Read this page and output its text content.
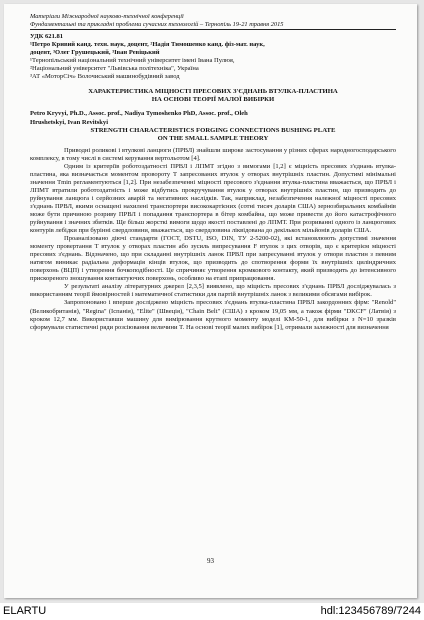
Матеріали Міжнародної науково-технічної конференції
Фундаментальні та прикладні проблеми сучасних технологій – Тернопіль 19-21 травня 2015
УДК 621.81
¹Петро Кривий канд. техн. наук, доцент, ²Надія Тимошенко канд. фіз-мат. наук,
доцент, ³Олег Грушецький, ³Іван Ревіцький
¹Тернопільський національний технічний університет імені Івана Пулюя,
²Національний університет "Львівська політехніка", Україна
³АТ «МоторСіч» Волочиський машинобудівний завод
ХАРАКТЕРИСТИКА МІЦНОСТІ ПРЕСОВИХ З'ЄДНАНЬ ВТУЛКА-ПЛАСТИНА
НА ОСНОВІ ТЕОРІЇ МАЛОЇ ВИБІРКИ
Petro Kryvyi, Ph.D., Assoc. prof., Nadiya Tymoshenko PhD, Assoc. prof., Oleh
Hrushetskyi, Ivan Revitskyi
STRENGTH CHARACTERISTICS FORGING CONNECTIONS BUSHING PLATE
ON THE SMALL SAMPLE THEORY

Приводні роликові і втулкові ланцюги (ПРВЛ) знайшли широке застосування у різних сферах народногосподарського комплексу, в тому числі в системі керування вертольотом [4].

Одним із критеріїв роботоздатності ПРВЛ і ЛПМТ згідно з вимогами [1,2] є міцність пресових з'єднань втулка-пластина, яка визначається моментом провороту T запресованих втулок у отворах внутрішніх пластин. Допустимі мінімальні значення Tmin регламентуються [1,2]. При незабезпеченні міцності пресового з'єднання втулка-пластина вважається, що ПРВЛ і ЛПМТ втратили роботоздатність і може відбутись прокручування втулок у отворах внутрішніх пластин, що призводить до руйнування ланцюга і серйозних аварій та негативних наслідків. Так, наприклад, незабезпечення належної міцності пресових з'єднань ПРВЛ, якими оснащені нахилені транспортери висококартієних (сотні тисяч доларів США) зернозбиральних комбайнів може бути причиною розриву ПРВЛ і попадання транспортера в бітер комбайна, що може привести до його катастрофічного руйнування і значних збитків. Ще більш жорсткі вимоги щодо якості поставлені до ЛПМТ. При розриванні одного із ланцюгових контурів лебідки при бурінні свердловини, вважається, що свердловина ліквідована до декількох мільйонів доларів США.

Проаналізовано діючі стандарти (ГОСТ, DSTU, ISO, DIN, ТУ 2-5200-02), які встановлюють допустимі значення моменту провертання T втулок у отворах пластин або зусиль випресування F втулок з цих отворів, що є критерієм міцності пресових з'єднань. Відзначено, що при складанні внутрішніх ланок ПРВЛ при запресуванні втулок у отвори пластин з певним натягом виникає радіальна деформація кінців втулок, що призводить до спотворення форми їх внутрішніх циліндричних поверхонь (ВЦП) і утворення бочкоподібності. Це спричиняє утворення кромкового контакту, який призводить до інтенсивного прискореного зношування контактуючих поверхонь, особливо на етапі припрацювання.

У результаті аналізу літературних джерел [2,3,5] виявлено, що міцність пресових з'єднань ПРВЛ досліджувалась з використанням теорії ймовірностей і математичної статистики для партій внутрішніх ланок з великими обсягами вибірок.

Запропоновано і вперше досліджено міцність пресових з'єднань втулка-пластина ПРВЛ закордонних фірм: "Renold" (Великобританія), "Regina" (Іспанія), "Elite" (Швеція), "Chain Belt" (США) з кроком 19,05 мм, а також фірми "DKCF" (Латвія) з кроком 12,7 мм. Використавши машину для вимірювання крутного моменту моделі КМ-50-1, для вибірки з N=10 зразків сформували статистичні ряди розсіювання величини T. На основі теорії малих вибірок [1], отримали залежності для визначення

93
ELARTU	hdl:123456789/7244
